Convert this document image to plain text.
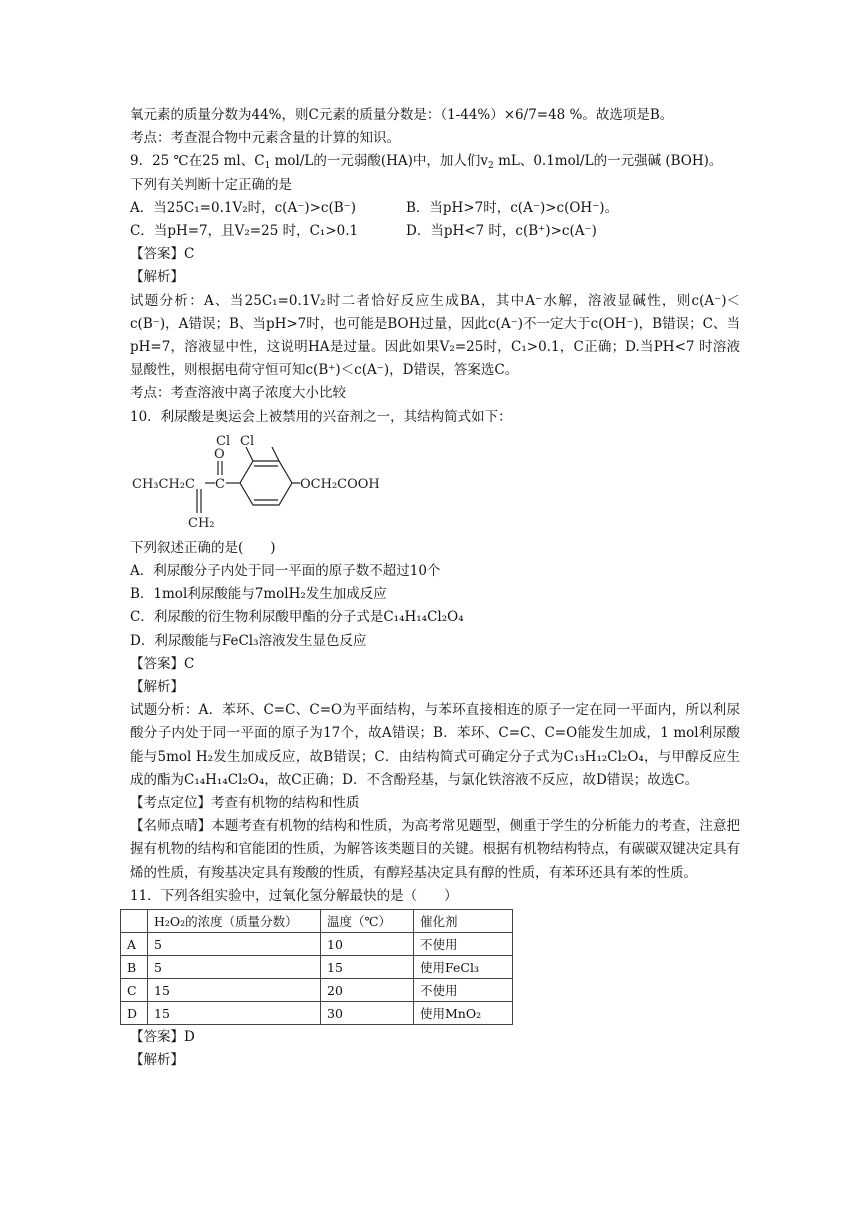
氧元素的质量分数为44%，则C元素的质量分数是：（1-44%）×6/7=48 %。故选项是B。
考点：考查混合物中元素含量的计算的知识。
9．25 ℃在25 ml、$C_1$ mol/L的一元弱酸(HA)中，加人们$v_2$ mL、0.1mol/L的一元强碱 (BOH)。
下列有关判断十定正确的是
A．当25C₁=0.1V₂时，c(A⁻)>c(B⁻)	B．当pH>7时，c(A⁻)>c(OH⁻)。
C．当pH=7，且V₂=25 时，C₁>0.1	D．当pH<7 时，c(B⁺)>c(A⁻)
【答案】C
【解析】
试题分析：A、当25C₁=0.1V₂时二者恰好反应生成BA，其中A⁻水解，溶液显碱性，则c(A⁻)＜c(B⁻)，A错误；B、当pH>7时，也可能是BOH过量，因此c(A⁻)不一定大于c(OH⁻)，B错误；C、当pH=7，溶液显中性，这说明HA是过量。因此如果V₂=25时，C₁>0.1，C正确；D.当PH<7 时溶液显酸性，则根据电荷守恒可知c(B⁺)＜c(A⁻)，D错误，答案选C。
考点：考查溶液中离子浓度大小比较
10．利尿酸是奥运会上被禁用的兴奋剂之一，其结构简式如下：
Cl Cl
CH₃CH₂C C
O
OCH₂COOH
CH₂
下列叙述正确的是(　　)
A．利尿酸分子内处于同一平面的原子数不超过10个
B．1mol利尿酸能与7molH₂发生加成反应
C．利尿酸的衍生物利尿酸甲酯的分子式是C₁₄H₁₄Cl₂O₄
D．利尿酸能与FeCl₃溶液发生显色反应
【答案】C
【解析】
试题分析：A．苯环、C=C、C=O为平面结构，与苯环直接相连的原子一定在同一平面内，所以利尿酸分子内处于同一平面的原子为17个，故A错误；B．苯环、C=C、C=O能发生加成，1 mol利尿酸能与5mol H₂发生加成反应，故B错误；C．由结构简式可确定分子式为C₁₃H₁₂Cl₂O₄，与甲醇反应生成的酯为C₁₄H₁₄Cl₂O₄，故C正确；D．不含酚羟基，与氯化铁溶液不反应，故D错误；故选C。
【考点定位】考查有机物的结构和性质
【名师点晴】本题考查有机物的结构和性质，为高考常见题型，侧重于学生的分析能力的考查，注意把握有机物的结构和官能团的性质，为解答该类题目的关键。根据有机物结构特点，有碳碳双键决定具有烯的性质，有羧基决定具有羧酸的性质，有醇羟基决定具有醇的性质，有苯环还具有苯的性质。
11．下列各组实验中，过氧化氢分解最快的是（　　）
	H₂O₂的浓度（质量分数）	温度（℃）	催化剂
A	5	10	不使用
B	5	15	使用FeCl₃
C	15	20	不使用
D	15	30	使用MnO₂
【答案】D
【解析】
